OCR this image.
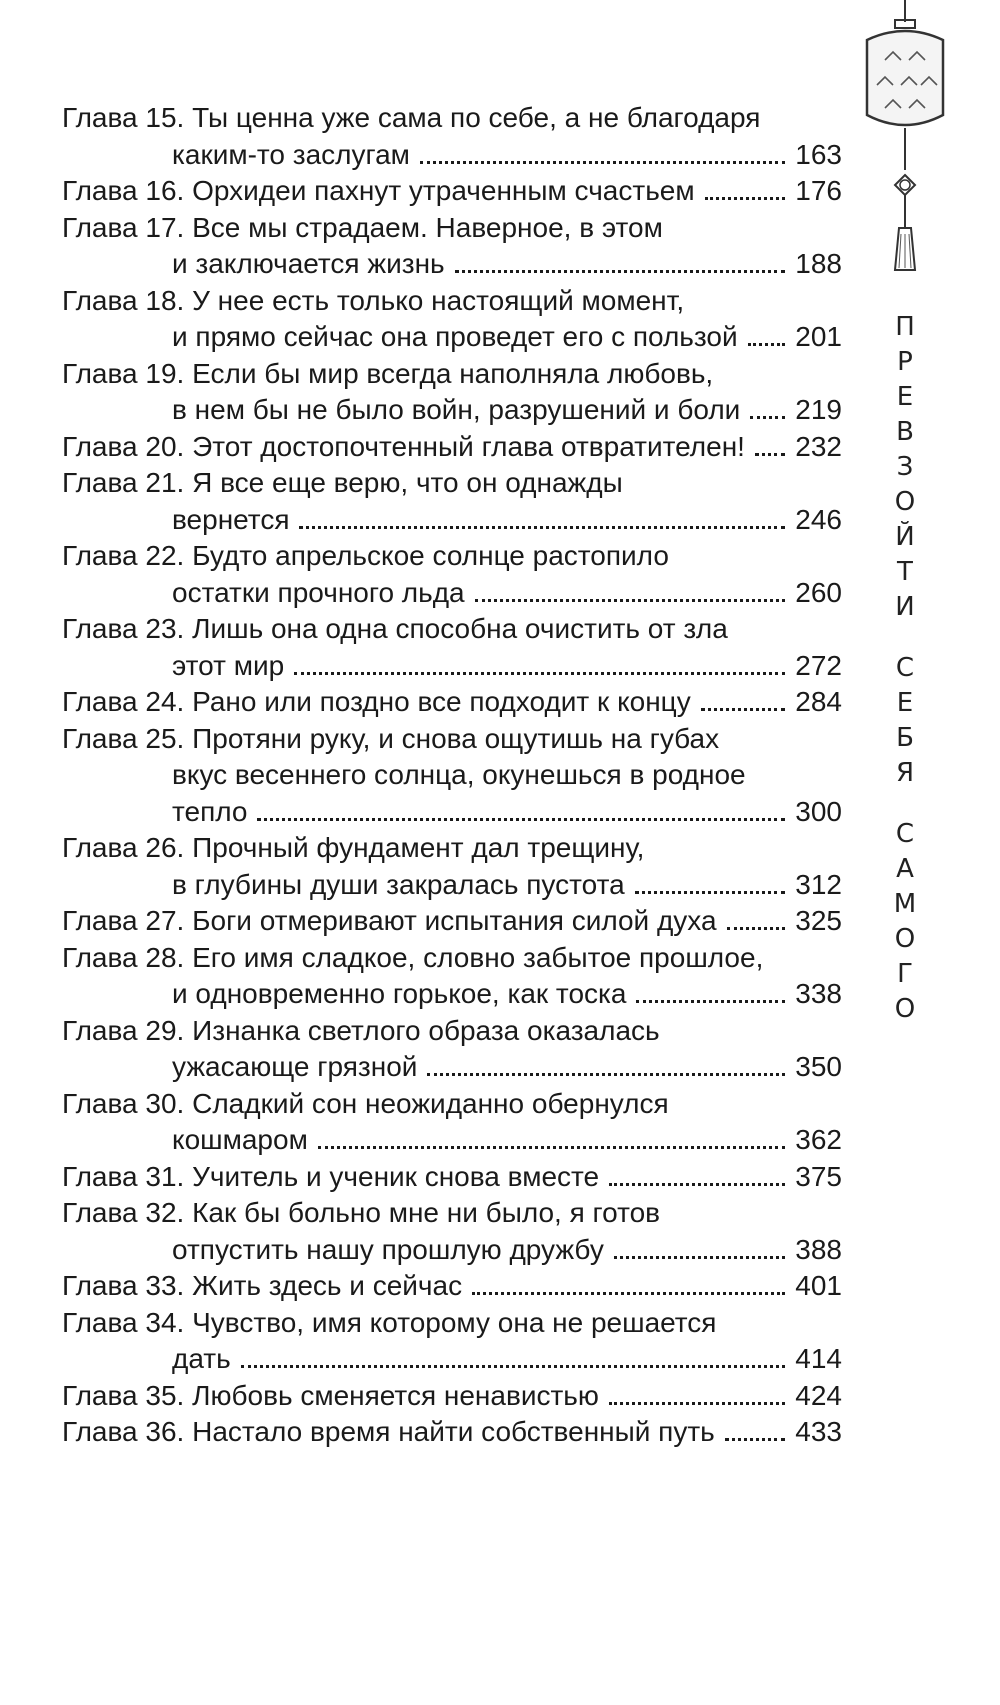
Глава 15. Ты ценна уже сама по себе, а не благодаря
каким-то заслугам	163
Глава 16. Орхидеи пахнут утраченным счастьем	176
Глава 17. Все мы страдаем. Наверное, в этом
и заключается жизнь	188
Глава 18. У нее есть только настоящий момент,
и прямо сейчас она проведет его с пользой 201
Глава 19. Если бы мир всегда наполняла любовь,
в нем бы не было войн, разрушений и боли 219
Глава 20. Этот достопочтенный глава отвратителен! 232
Глава 21. Я все еще верю, что он однажды
вернется	246
Глава 22. Будто апрельское солнце растопило
остатки прочного льда	260
Глава 23. Лишь она одна способна очистить от зла
этот мир	272
Глава 24. Рано или поздно все подходит к концу	284
Глава 25. Протяни руку, и снова ощутишь на губах
вкус весеннего солнца, окунешься в родное
тепло	300
Глава 26. Прочный фундамент дал трещину,
в глубины души закралась пустота	312
Глава 27. Боги отмеривают испытания силой духа	325
Глава 28. Его имя сладкое, словно забытое прошлое,
и одновременно горькое, как тоска	338
Глава 29. Изнанка светлого образа оказалась
ужасающе грязной	350
Глава 30. Сладкий сон неожиданно обернулся
кошмаром	362
Глава 31. Учитель и ученик снова вместе	375
Глава 32. Как бы больно мне ни было, я готов
отпустить нашу прошлую дружбу	388
Глава 33. Жить здесь и сейчас	401
Глава 34. Чувство, имя которому она не решается
дать	414
Глава 35. Любовь сменяется ненавистью	424
Глава 36. Настало время найти собственный путь	433
П
Р
Е
В
З
О
Й
Т
И
С
Е
Б
Я
С
А
М
О
Г
О
